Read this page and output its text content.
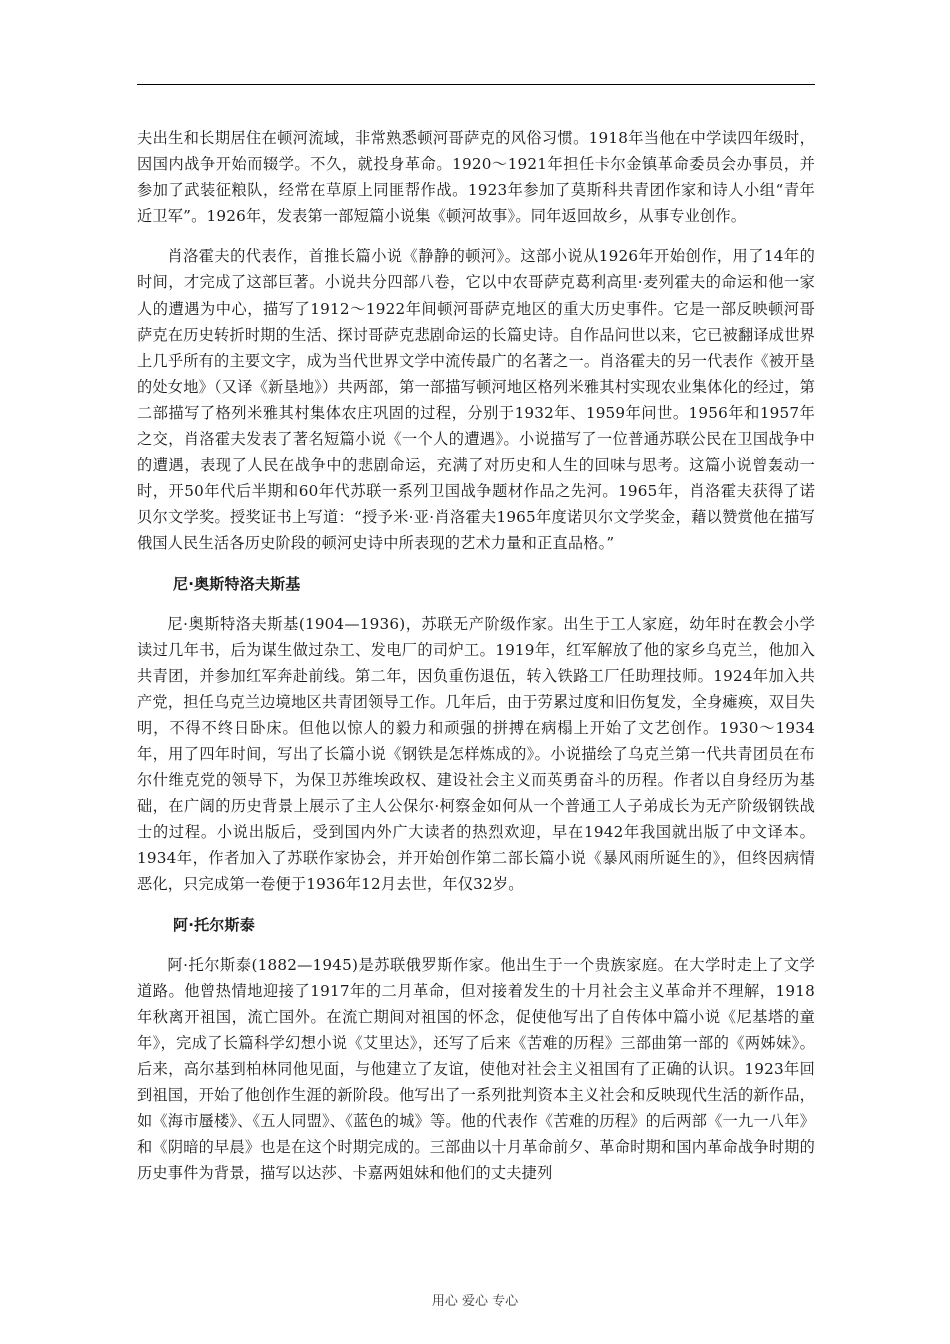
夫出生和长期居住在顿河流域，非常熟悉顿河哥萨克的风俗习惯。1918年当他在中学读四年级时，因国内战争开始而辍学。不久，就投身革命。1920～1921年担任卡尔金镇革命委员会办事员，并参加了武装征粮队，经常在草原上同匪帮作战。1923年参加了莫斯科共青团作家和诗人小组“青年近卫军”。1926年，发表第一部短篇小说集《顿河故事》。同年返回故乡，从事专业创作。

肖洛霍夫的代表作，首推长篇小说《静静的顿河》。这部小说从1926年开始创作，用了14年的时间，才完成了这部巨著。小说共分四部八卷，它以中农哥萨克葛利高里·麦列霍夫的命运和他一家人的遭遇为中心，描写了1912～1922年间顿河哥萨克地区的重大历史事件。它是一部反映顿河哥萨克在历史转折时期的生活、探讨哥萨克悲剧命运的长篇史诗。自作品问世以来，它已被翻译成世界上几乎所有的主要文字，成为当代世界文学中流传最广的名著之一。肖洛霍夫的另一代表作《被开垦的处女地》（又译《新垦地》）共两部，第一部描写顿河地区格列米雅其村实现农业集体化的经过，第二部描写了格列米雅其村集体农庄巩固的过程，分别于1932年、1959年问世。1956年和1957年之交，肖洛霍夫发表了著名短篇小说《一个人的遭遇》。小说描写了一位普通苏联公民在卫国战争中的遭遇，表现了人民在战争中的悲剧命运，充满了对历史和人生的回味与思考。这篇小说曾轰动一时，开50年代后半期和60年代苏联一系列卫国战争题材作品之先河。1965年，肖洛霍夫获得了诺贝尔文学奖。授奖证书上写道：“授予米·亚·肖洛霍夫1965年度诺贝尔文学奖金，藉以赞赏他在描写俄国人民生活各历史阶段的顿河史诗中所表现的艺术力量和正直品格。”

尼·奥斯特洛夫斯基

尼·奥斯特洛夫斯基(1904—1936)，苏联无产阶级作家。出生于工人家庭，幼年时在教会小学读过几年书，后为谋生做过杂工、发电厂的司炉工。1919年，红军解放了他的家乡乌克兰，他加入共青团，并参加红军奔赴前线。第二年，因负重伤退伍，转入铁路工厂任助理技师。1924年加入共产党，担任乌克兰边境地区共青团领导工作。几年后，由于劳累过度和旧伤复发，全身瘫痪，双目失明，不得不终日卧床。但他以惊人的毅力和顽强的拼搏在病榻上开始了文艺创作。1930～1934年，用了四年时间，写出了长篇小说《钢铁是怎样炼成的》。小说描绘了乌克兰第一代共青团员在布尔什维克党的领导下，为保卫苏维埃政权、建设社会主义而英勇奋斗的历程。作者以自身经历为基础，在广阔的历史背景上展示了主人公保尔·柯察金如何从一个普通工人子弟成长为无产阶级钢铁战士的过程。小说出版后，受到国内外广大读者的热烈欢迎，早在1942年我国就出版了中文译本。1934年，作者加入了苏联作家协会，并开始创作第二部长篇小说《暴风雨所诞生的》，但终因病情恶化，只完成第一卷便于1936年12月去世，年仅32岁。

阿·托尔斯泰

阿·托尔斯泰(1882—1945)是苏联俄罗斯作家。他出生于一个贵族家庭。在大学时走上了文学道路。他曾热情地迎接了1917年的二月革命，但对接着发生的十月社会主义革命并不理解，1918年秋离开祖国，流亡国外。在流亡期间对祖国的怀念，促使他写出了自传体中篇小说《尼基塔的童年》，完成了长篇科学幻想小说《艾里达》，还写了后来《苦难的历程》三部曲第一部的《两姊妹》。后来，高尔基到柏林同他见面，与他建立了友谊，使他对社会主义祖国有了正确的认识。1923年回到祖国，开始了他创作生涯的新阶段。他写出了一系列批判资本主义社会和反映现代生活的新作品，如《海市蜃楼》、《五人同盟》、《蓝色的城》等。他的代表作《苦难的历程》的后两部《一九一八年》和《阴暗的早晨》也是在这个时期完成的。三部曲以十月革命前夕、革命时期和国内革命战争时期的历史事件为背景，描写以达莎、卡嘉两姐妹和他们的丈夫捷列

用心 爱心 专心
